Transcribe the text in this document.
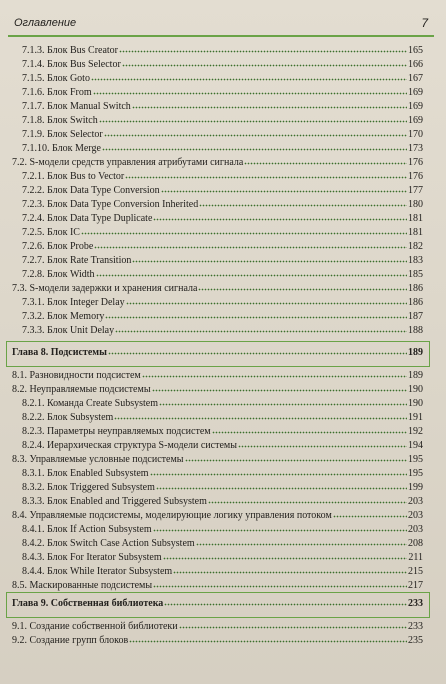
Оглавление	7
7.1.3. Блок Bus Creator	165
7.1.4. Блок Bus Selector	166
7.1.5. Блок Goto	167
7.1.6. Блок From	169
7.1.7. Блок Manual Switch	169
7.1.8. Блок Switch	169
7.1.9. Блок Selector	170
7.1.10. Блок Merge	173
7.2. S-модели средств управления атрибутами сигнала	176
7.2.1. Блок Bus to Vector	176
7.2.2. Блок Data Type Conversion	177
7.2.3. Блок Data Type Conversion Inherited	180
7.2.4. Блок Data Type Duplicate	181
7.2.5. Блок IC	181
7.2.6. Блок Probe	182
7.2.7. Блок Rate Transition	183
7.2.8. Блок Width	185
7.3. S-модели задержки и хранения сигнала	186
7.3.1. Блок Integer Delay	186
7.3.2. Блок Memory	187
7.3.3. Блок Unit Delay	188
Глава 8. Подсистемы	189
8.1. Разновидности подсистем	189
8.2. Неуправляемые подсистемы	190
8.2.1. Команда Create Subsystem	190
8.2.2. Блок Subsystem	191
8.2.3. Параметры неуправляемых подсистем	192
8.2.4. Иерархическая структура S-модели системы	194
8.3. Управляемые условные подсистемы	195
8.3.1. Блок Enabled Subsystem	195
8.3.2. Блок Triggered Subsystem	199
8.3.3. Блок Enabled and Triggered Subsystem	203
8.4. Управляемые подсистемы, моделирующие логику управления потоком	203
8.4.1. Блок If Action Subsystem	203
8.4.2. Блок Switch Case Action Subsystem	208
8.4.3. Блок For Iterator Subsystem	211
8.4.4. Блок While Iterator Subsystem	215
8.5. Маскированные подсистемы	217
Глава 9. Собственная библиотека	233
9.1. Создание собственной библиотеки	233
9.2. Создание групп блоков	235
